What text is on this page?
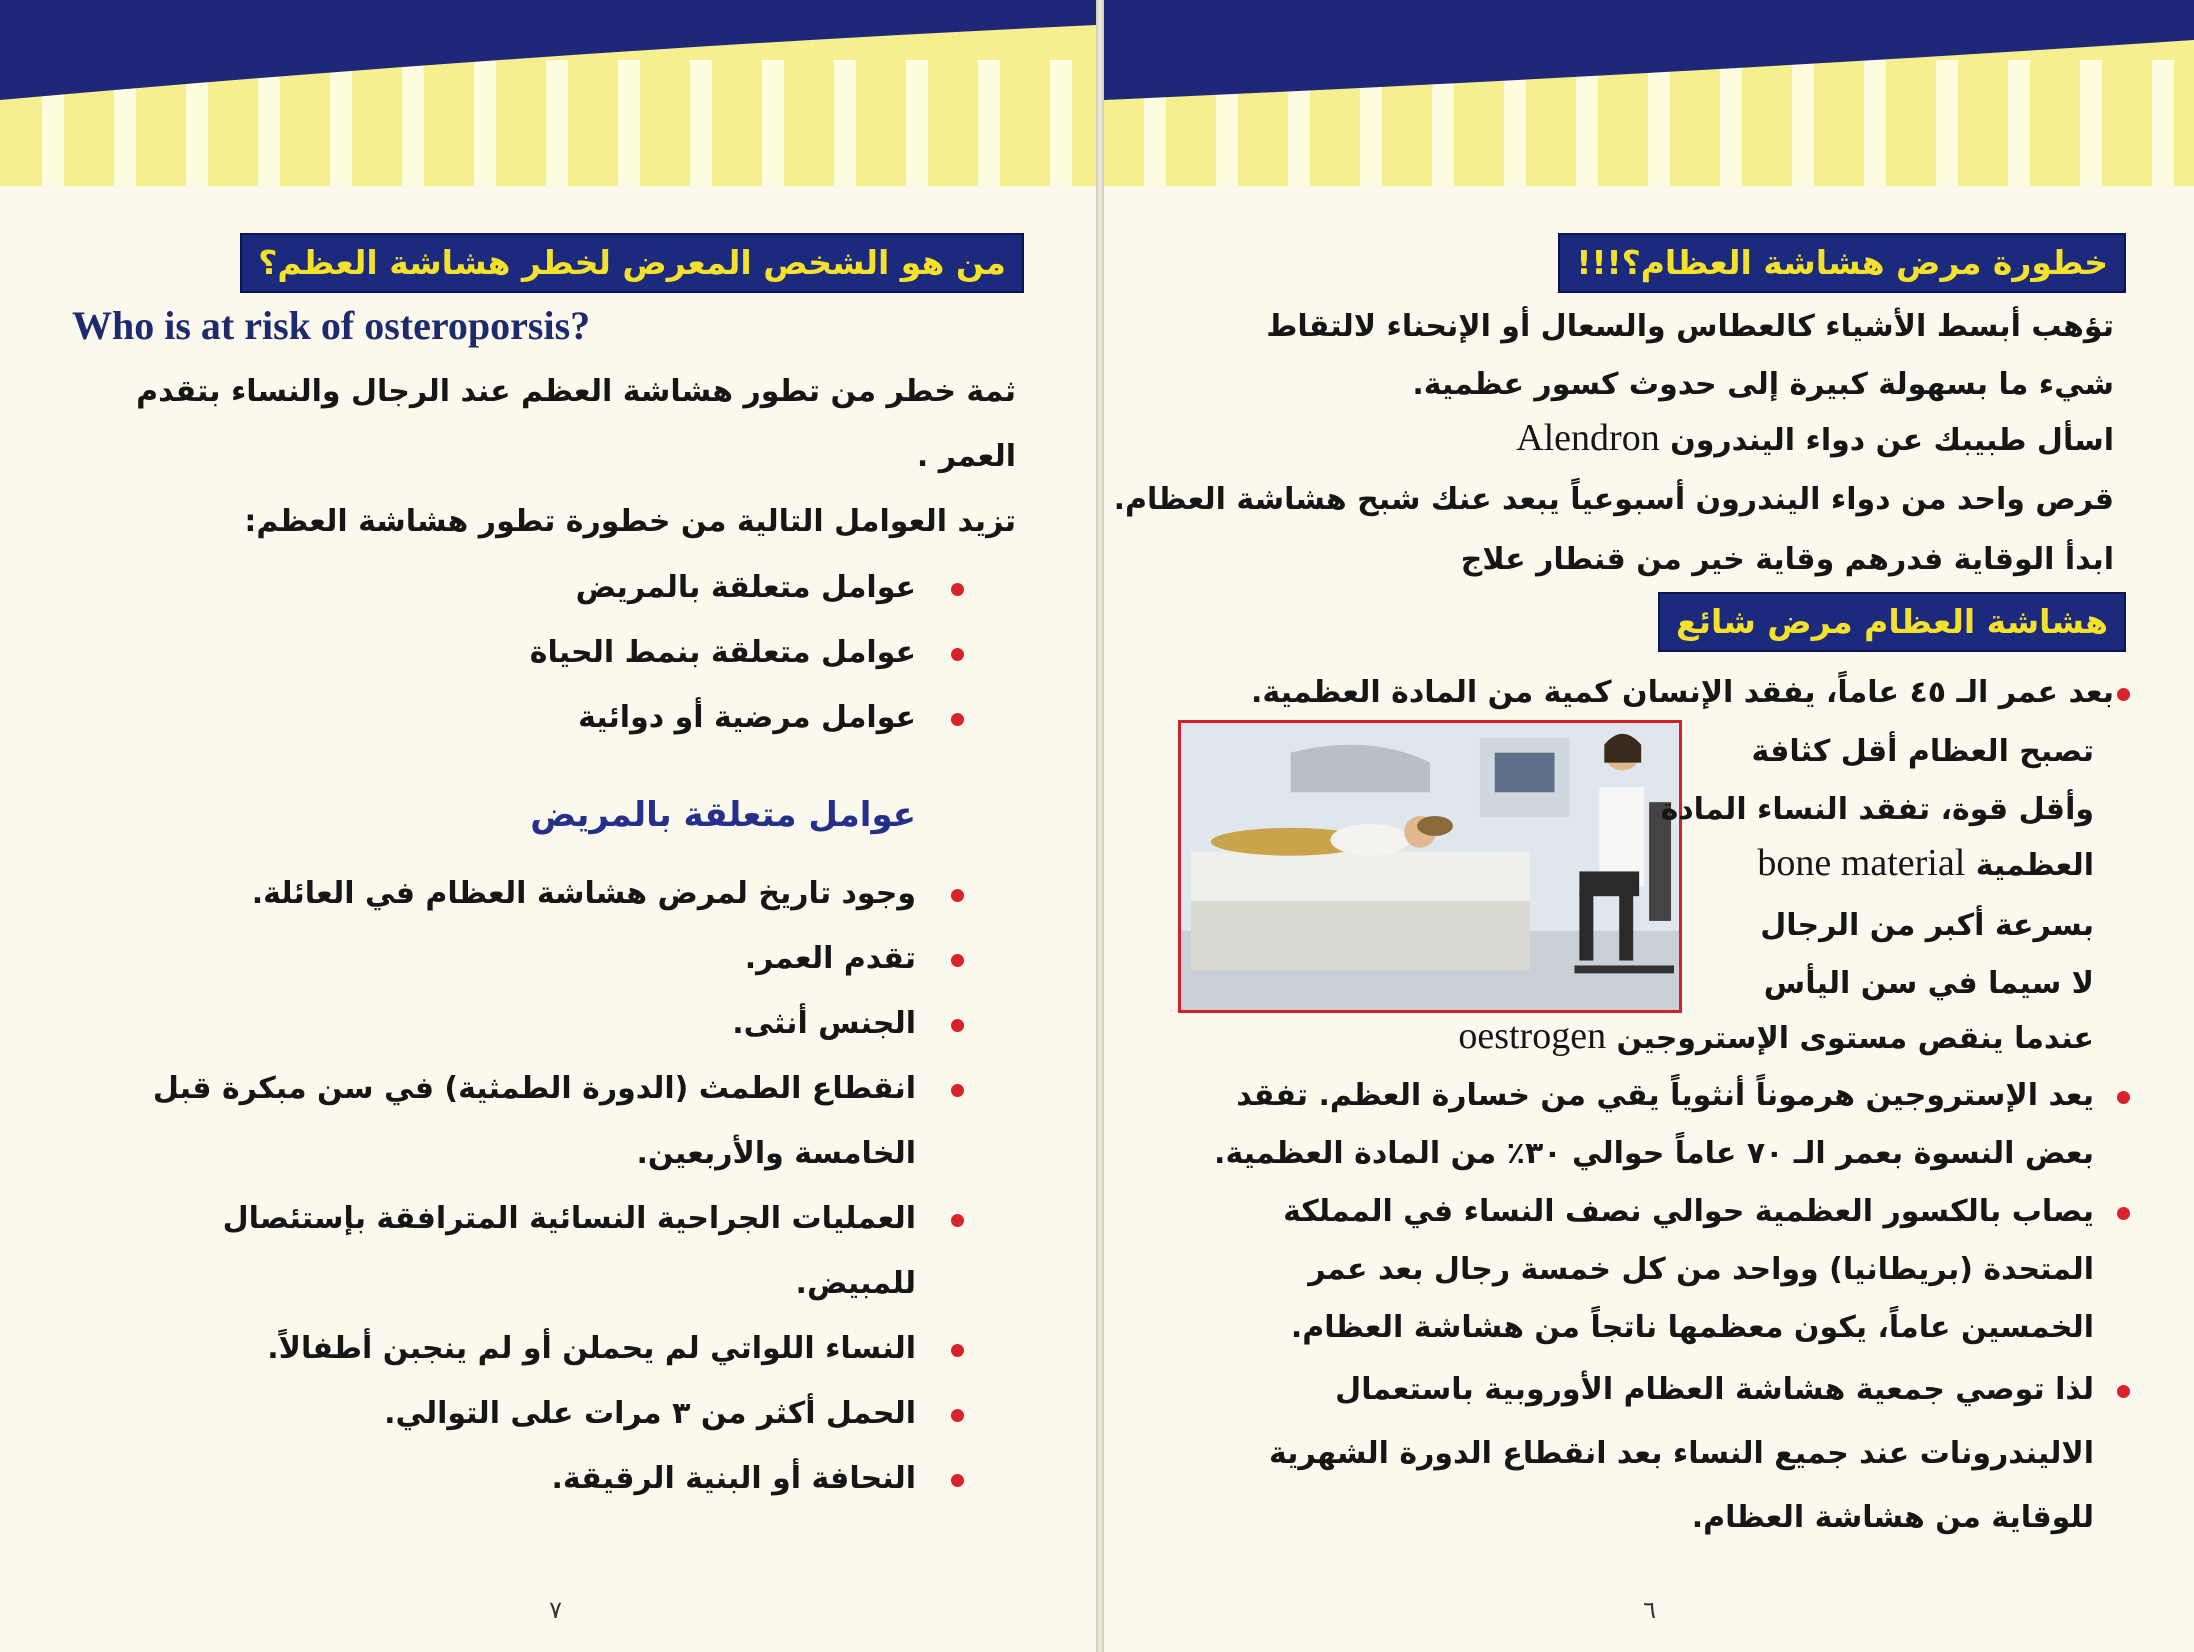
من هو الشخص المعرض لخطر هشاشة العظم؟
Who is at risk of osteroporsis?
ثمة خطر من تطور هشاشة العظم عند الرجال والنساء بتقدم
العمر .
تزيد العوامل التالية من خطورة تطور هشاشة العظم:
عوامل متعلقة بالمريض
عوامل متعلقة بنمط الحياة
عوامل مرضية أو دوائية
عوامل متعلقة بالمريض
وجود تاريخ لمرض هشاشة العظام في العائلة.
تقدم العمر.
الجنس أنثى.
انقطاع الطمث (الدورة الطمثية) في سن مبكرة قبل
الخامسة والأربعين.
العمليات الجراحية النسائية المترافقة بإستئصال
للمبيض.
النساء اللواتي لم يحملن أو لم ينجبن أطفالاً.
الحمل أكثر من ٣ مرات على التوالي.
النحافة أو البنية الرقيقة.
٧
خطورة مرض هشاشة العظام؟!!!
تؤهب أبسط الأشياء كالعطاس والسعال أو الإنحناء لالتقاط
شيء ما بسهولة كبيرة إلى حدوث كسور عظمية.
اسأل طبيبك عن دواء اليندرون Alendron
قرص واحد من دواء اليندرون أسبوعياً يبعد عنك شبح هشاشة العظام.
ابدأ الوقاية فدرهم وقاية خير من قنطار علاج
هشاشة العظام مرض شائع
بعد عمر الـ ٤٥ عاماً، يفقد الإنسان كمية من المادة العظمية.
تصبح العظام أقل كثافة
وأقل قوة، تفقد النساء المادة
العظمية bone material
بسرعة أكبر من الرجال
لا سيما في سن اليأس
عندما ينقص مستوى الإستروجين oestrogen
يعد الإستروجين هرموناً أنثوياً يقي من خسارة العظم. تفقد
بعض النسوة بعمر الـ ٧٠ عاماً حوالي ٣٠٪ من المادة العظمية.
يصاب بالكسور العظمية حوالي نصف النساء في المملكة
المتحدة (بريطانيا) وواحد من كل خمسة رجال بعد عمر
الخمسين عاماً، يكون معظمها ناتجاً من هشاشة العظام.
لذا توصي جمعية هشاشة العظام الأوروبية باستعمال
الاليندرونات عند جميع النساء بعد انقطاع الدورة الشهرية
للوقاية من هشاشة العظام.
٦
